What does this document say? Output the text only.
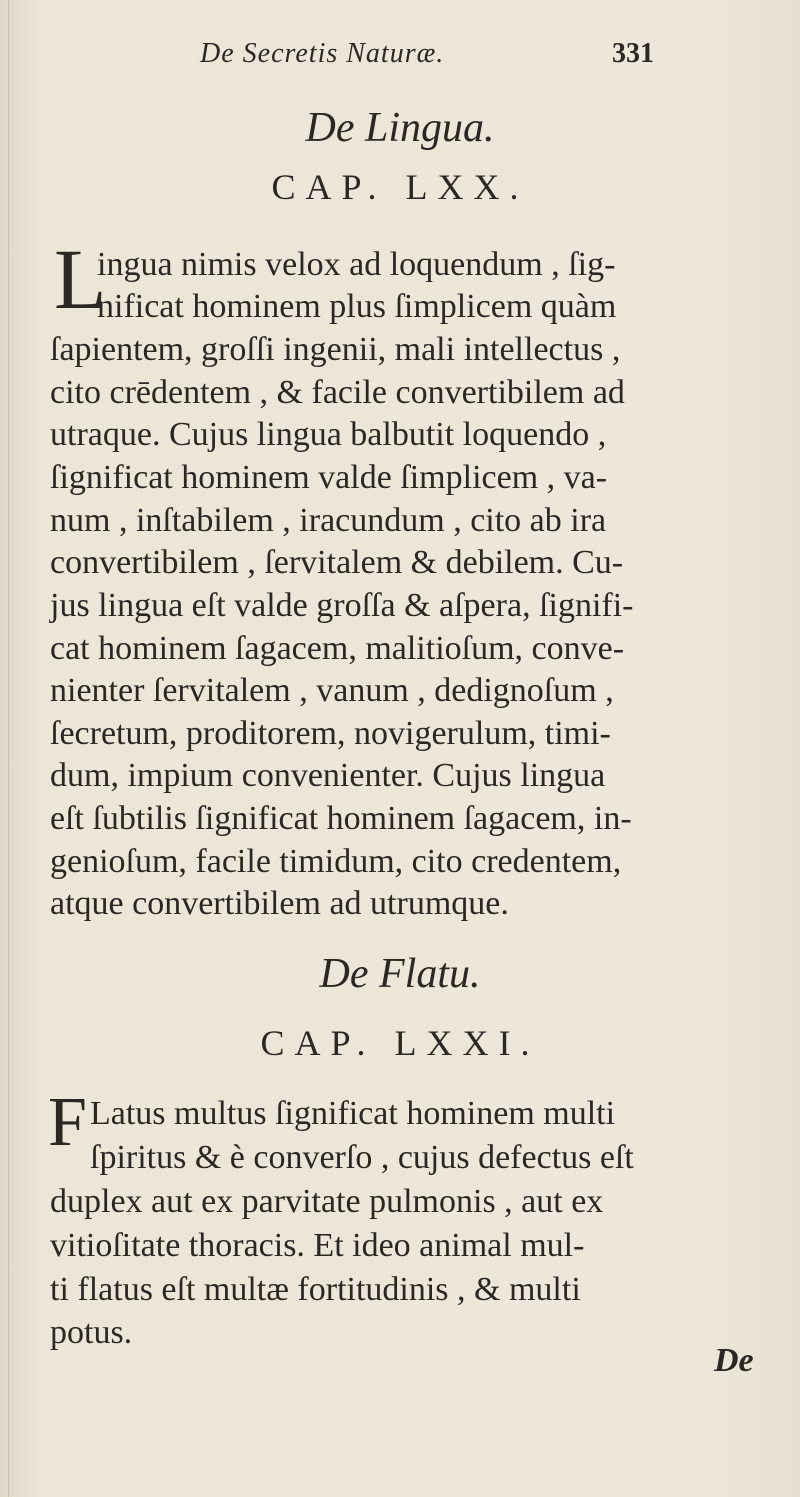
De Secretis Naturæ.	331
De Lingua.
CAP. LXX.
L
ingua nimis velox ad loquendum , ſig-
nificat hominem plus ſimplicem quàm
ſapientem, groſſi ingenii, mali intellectus ,
cito crēdentem , & facile convertibilem ad
utraque. Cujus lingua balbutit loquendo ,
ſignificat hominem valde ſimplicem , va-
num , inſtabilem , iracundum , cito ab ira
convertibilem , ſervitalem & debilem. Cu-
jus lingua eſt valde groſſa & aſpera, ſignifi-
cat hominem ſagacem, malitioſum, conve-
nienter ſervitalem , vanum , dedignoſum ,
ſecretum, proditorem, novigerulum, timi-
dum, impium convenienter. Cujus lingua
eſt ſubtilis ſignificat hominem ſagacem, in-
genioſum, facile timidum, cito credentem,
atque convertibilem ad utrumque.
De Flatu.
CAP. LXXI.
F Latus multus ſignificat hominem multi
ſpiritus & è converſo , cujus defectus eſt
duplex aut ex parvitate pulmonis , aut ex
vitioſitate thoracis. Et ideo animal mul-
ti flatus eſt multæ fortitudinis , & multi
potus.
De
